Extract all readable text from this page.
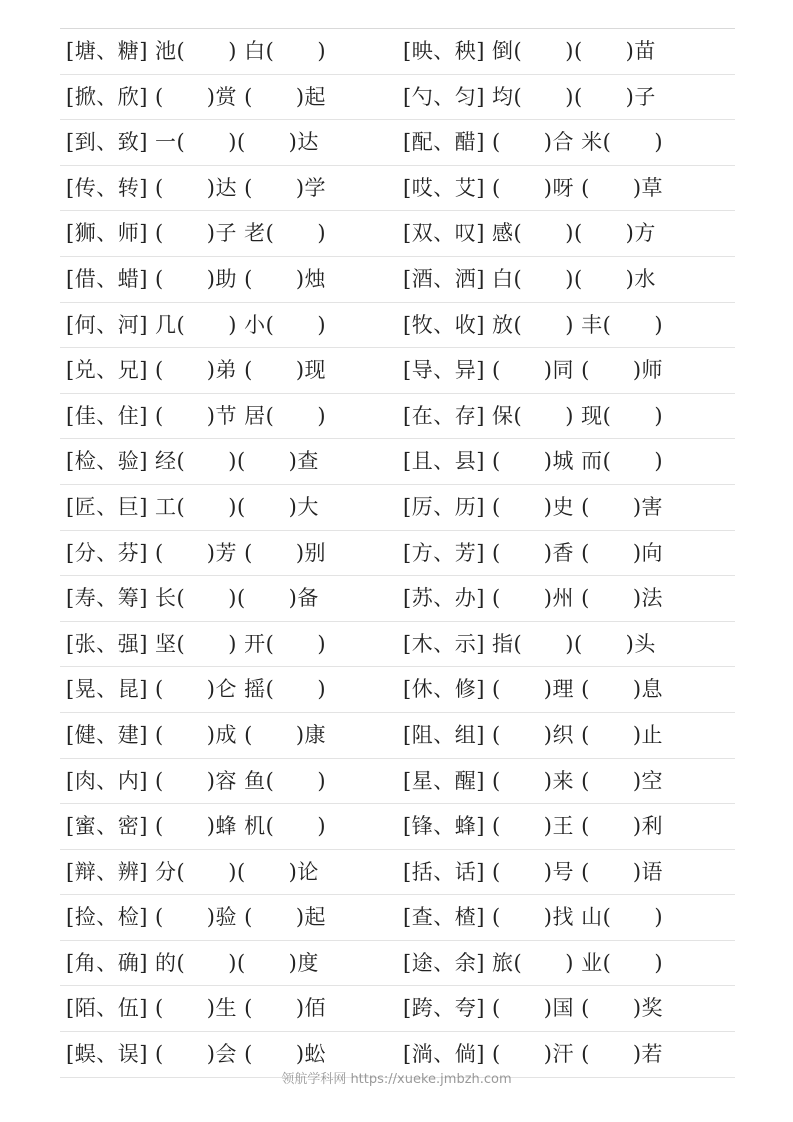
[塘、糖] 池(　　) 白(　　)	[映、秧] 倒(　　)(　　)苗
[掀、欣] (　　)赏 (　　)起	[勺、匀] 均(　　)(　　)子
[到、致] 一(　　)(　　)达	[配、醋] (　　)合 米(　　)
[传、转] (　　)达 (　　)学	[哎、艾] (　　)呀 (　　)草
[狮、师] (　　)子 老(　　)	[双、叹] 感(　　)(　　)方
[借、蜡] (　　)助 (　　)烛	[酒、洒] 白(　　)(　　)水
[何、河] 几(　　) 小(　　)	[牧、收] 放(　　) 丰(　　)
[兑、兄] (　　)弟 (　　)现	[导、异] (　　)同 (　　)师
[佳、住] (　　)节 居(　　)	[在、存] 保(　　) 现(　　)
[检、验] 经(　　)(　　)查	[且、县] (　　)城 而(　　)
[匠、巨] 工(　　)(　　)大	[厉、历] (　　)史 (　　)害
[分、芬] (　　)芳 (　　)别	[方、芳] (　　)香 (　　)向
[寿、筹] 长(　　)(　　)备	[苏、办] (　　)州 (　　)法
[张、强] 坚(　　) 开(　　)	[木、示] 指(　　)(　　)头
[晃、昆] (　　)仑 摇(　　)	[休、修] (　　)理 (　　)息
[健、建] (　　)成 (　　)康	[阻、组] (　　)织 (　　)止
[肉、内] (　　)容 鱼(　　)	[星、醒] (　　)来 (　　)空
[蜜、密] (　　)蜂 机(　　)	[锋、蜂] (　　)王 (　　)利
[辩、辨] 分(　　)(　　)论	[括、话] (　　)号 (　　)语
[捡、检] (　　)验 (　　)起	[查、楂] (　　)找 山(　　)
[角、确] 的(　　)(　　)度	[途、余] 旅(　　) 业(　　)
[陌、伍] (　　)生 (　　)佰	[跨、夸] (　　)国 (　　)奖
[蜈、误] (　　)会 (　　)蚣	[淌、倘] (　　)汗 (　　)若
领航学科网 https://xueke.jmbzh.com
